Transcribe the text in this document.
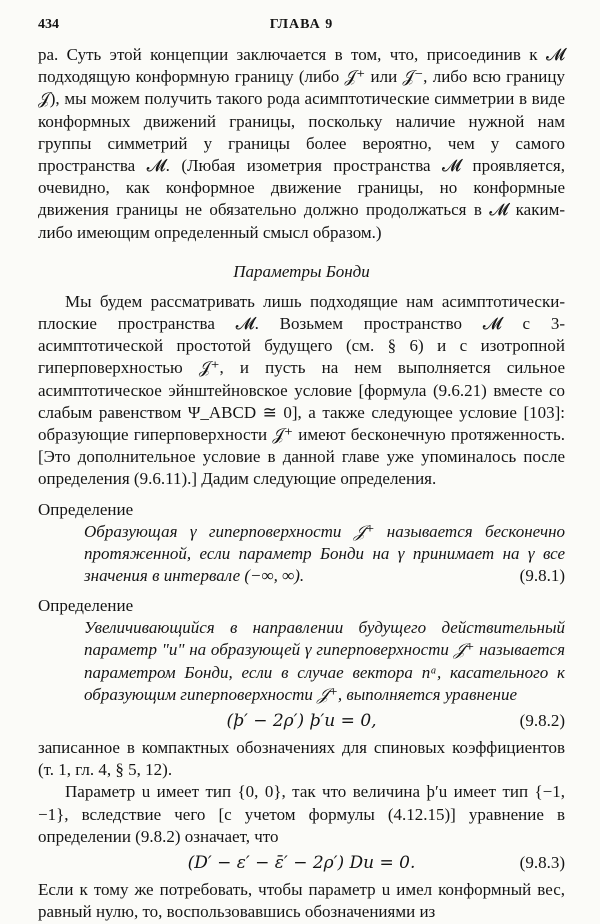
434	ГЛАВА 9

ра. Суть этой концепции заключается в том, что, присоединив к 𝓜 подходящую конформную границу (либо 𝒥⁺ или 𝒥⁻, либо всю границу 𝒥), мы можем получить такого рода асимптотические симметрии в виде конформных движений границы, поскольку наличие нужной нам группы симметрий у границы более вероятно, чем у самого пространства 𝓜. (Любая изометрия пространства 𝓜 проявляется, очевидно, как конформное движение границы, но конформные движения границы не обязательно должно продолжаться в 𝓜 каким-либо имеющим определенный смысл образом.)

Параметры Бонди

Мы будем рассматривать лишь подходящие нам асимптотически-плоские пространства 𝓜. Возьмем пространство 𝓜 с 3-асимптотической простотой будущего (см. § 6) и с изотропной гиперповерхностью 𝒥⁺, и пусть на нем выполняется сильное асимптотическое эйнштейновское условие [формула (9.6.21) вместе со слабым равенством Ψ_ABCD ≅ 0], а также следующее условие [103]: образующие гиперповерхности 𝒥⁺ имеют бесконечную протяженность. [Это дополнительное условие в данной главе уже упоминалось после определения (9.6.11).] Дадим следующие определения.

Определение
Образующая γ гиперповерхности 𝒥⁺ называется бесконечно протяженной, если параметр Бонди на γ принимает на γ все значения в интервале (−∞, ∞).	(9.8.1)
Определение
Увеличивающийся в направлении будущего действительный параметр "u" на образующей γ гиперповерхности 𝒥⁺ называется параметром Бонди, если в случае вектора nᵃ, касательного к образующим гиперповерхности 𝒥⁺, выполняется уравнение
(þ′ − 2ρ′) þ′u = 0,	(9.8.2)

записанное в компактных обозначениях для спиновых коэффициентов (т. 1, гл. 4, § 5, 12).

Параметр u имеет тип {0, 0}, так что величина þ′u имеет тип {−1, −1}, вследствие чего [с учетом формулы (4.12.15)] уравнение в определении (9.8.2) означает, что

(D′ − ε′ − ε̄′ − 2ρ′) Du = 0.	(9.8.3)

Если к тому же потребовать, чтобы параметр u имел конформный вес, равный нулю, то, воспользовавшись обозначениями из
